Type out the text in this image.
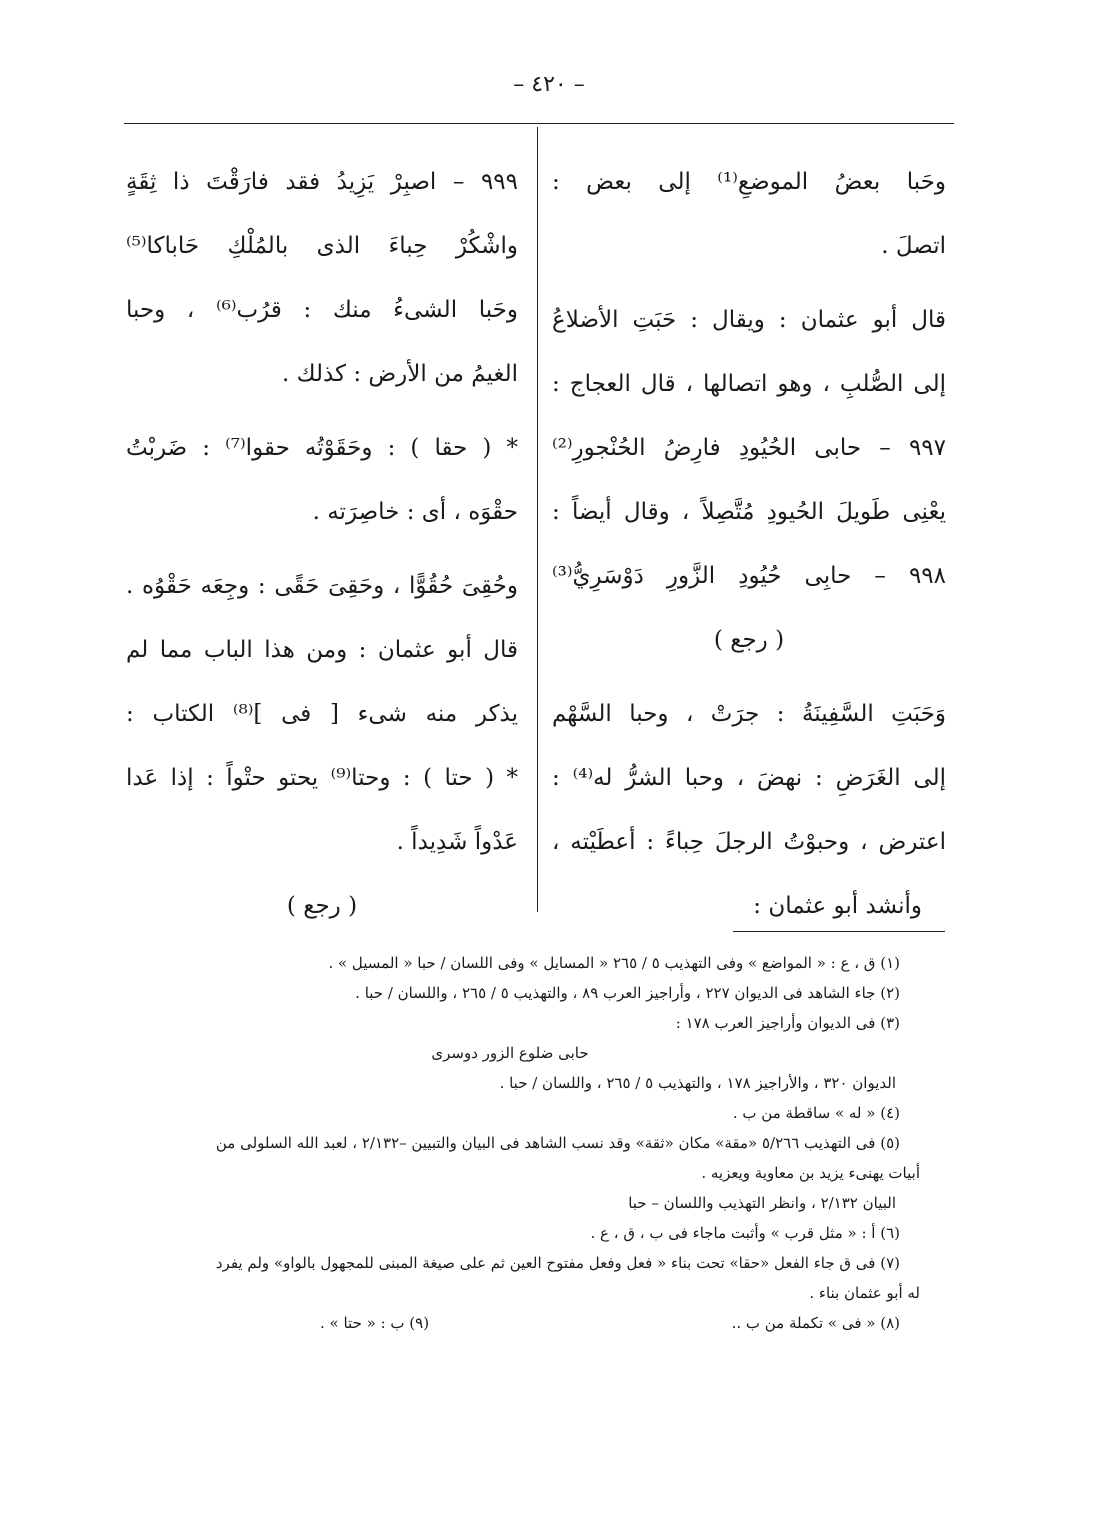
– ٤٢٠ –
وحَبا بعضُ الموضعِ⁽¹⁾ إلى بعض :
اتصلَ .
قال أبو عثمان : ويقال : حَبَتِ الأضلاعُ
إلى الصُّلبِ ، وهو اتصالها ، قال العجاج :
٩٩٧ – حابى الحُيُودِ فارِضُ الحُنْجورِ⁽²⁾
يعْنِى طَويلَ الحُيودِ مُتَّصِلاً ، وقال أيضاً :
٩٩٨ – حابِى حُيُودِ الزَّورِ دَوْسَرِيُّ⁽³⁾
( رجع )
وَحَبَتِ السَّفِينَةُ : جرَتْ ، وحبا السَّهْم
إلى الغَرَضِ : نهضَ ، وحبا الشرُّ له⁽⁴⁾ :
اعترض ، وحبوْتُ الرجلَ حِباءً : أعطَيْته ،
وأنشد أبو عثمان :
٩٩٩ – اصبِرْ يَزِيدُ فقد فارَقْتَ ذا ثِقَةٍ
واشْكُرْ حِباءَ الذى بالمُلْكِ حَاباكا⁽⁵⁾
وحَبا الشىءُ منك : قرُب⁽⁶⁾ ، وحبا
الغيمُ من الأرض : كذلك .
* ( حقا ) : وحَقَوْتُه حقوا⁽⁷⁾ : ضَربْتُ
حقْوَه ، أى : خاصِرَته .
وحُقِىَ حُقُوًّا ، وحَقِىَ حَقًى : وجِعَه حَقْوُه .
قال أبو عثمان : ومن هذا الباب مما لم
يذكر منه شىء [ فى ]⁽⁸⁾ الكتاب :
* ( حتا ) : وحتا⁽⁹⁾ يحتو حتْواً : إذا عَدا
عَدْواً شَدِيداً .
( رجع )
(١) ق ، ع : « المواضع » وفى التهذيب ٥ / ٢٦٥ « المسايل » وفى اللسان / حبا « المسيل » .
(٢) جاء الشاهد فى الديوان ٢٢٧ ، وأراجيز العرب ٨٩ ، والتهذيب ٥ / ٢٦٥ ، واللسان / حبا .
(٣) فى الديوان وأراجيز العرب ١٧٨ :
حابى ضلوع الزور دوسرى
الديوان ٣٢٠ ، والأراجيز ١٧٨ ، والتهذيب ٥ / ٢٦٥ ، واللسان / حبا .
(٤) « له » ساقطة من ب .
(٥) فى التهذيب ٥/٢٦٦ «مقة» مكان «ثقة» وقد نسب الشاهد فى البيان والتبيين –٢/١٣٢ ، لعبد الله السلولى من
أبيات يهنىء يزيد بن معاوية ويعزيه .
البيان ٢/١٣٢ ، وانظر التهذيب واللسان – حبا
(٦) أ : « مثل قرب » وأثبت ماجاء فى ب ، ق ، ع .
(٧) فى ق جاء الفعل «حقا» تحت بناء « فعل وفعل مفتوح العين ثم على صيغة المبنى للمجهول بالواو» ولم يفرد
له أبو عثمان بناء .
(٨) « فى » تكملة من ب ..
(٩) ب : « حتا » .
